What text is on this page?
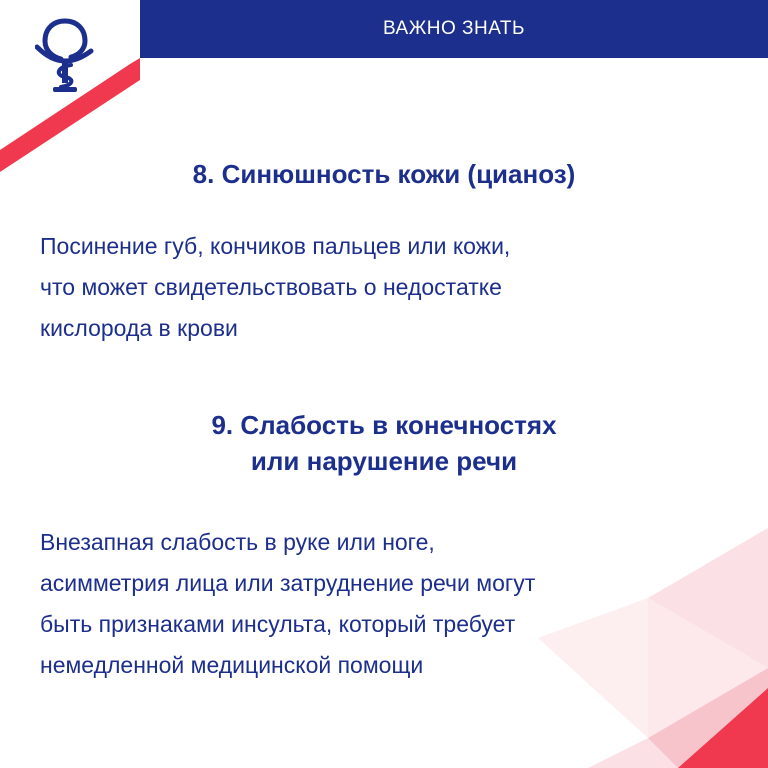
ВАЖНО ЗНАТЬ
8. Синюшность кожи (цианоз)
Посинение губ, кончиков пальцев или кожи,
что может свидетельствовать о недостатке
кислорода в крови
9. Слабость в конечностях
или нарушение речи
Внезапная слабость в руке или ноге,
асимметрия лица или затруднение речи могут
быть признаками инсульта, который требует
немедленной медицинской помощи
